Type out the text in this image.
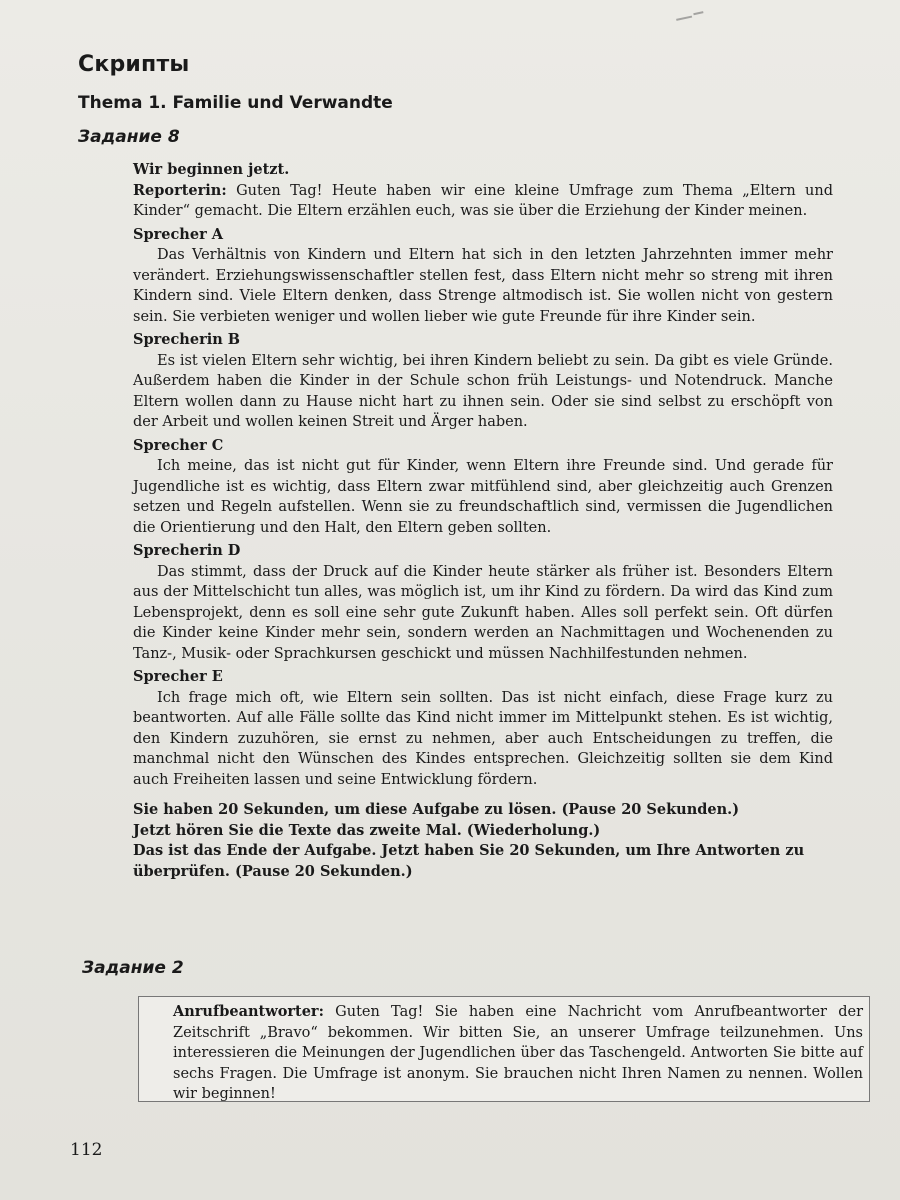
Скрипты
Thema 1. Familie und Verwandte
Задание 8

Wir beginnen jetzt.

Reporterin: Guten Tag! Heute haben wir eine kleine Umfrage zum Thema „Eltern und Kinder“ gemacht. Die Eltern erzählen euch, was sie über die Erziehung der Kinder meinen.

Sprecher A

Das Verhältnis von Kindern und Eltern hat sich in den letzten Jahrzehnten immer mehr verändert. Erziehungswissenschaftler stellen fest, dass Eltern nicht mehr so streng mit ihren Kindern sind. Viele Eltern denken, dass Strenge altmodisch ist. Sie wollen nicht von gestern sein. Sie verbieten weniger und wollen lieber wie gute Freunde für ihre Kinder sein.

Sprecherin B

Es ist vielen Eltern sehr wichtig, bei ihren Kindern beliebt zu sein. Da gibt es viele Gründe. Außerdem haben die Kinder in der Schule schon früh Leistungs- und Notendruck. Manche Eltern wollen dann zu Hause nicht hart zu ihnen sein. Oder sie sind selbst zu erschöpft von der Arbeit und wollen keinen Streit und Ärger haben.

Sprecher C

Ich meine, das ist nicht gut für Kinder, wenn Eltern ihre Freunde sind. Und gerade für Jugendliche ist es wichtig, dass Eltern zwar mitfühlend sind, aber gleichzeitig auch Grenzen setzen und Regeln aufstellen. Wenn sie zu freundschaftlich sind, vermissen die Jugendlichen die Orientierung und den Halt, den Eltern geben sollten.

Sprecherin D

Das stimmt, dass der Druck auf die Kinder heute stärker als früher ist. Besonders Eltern aus der Mittelschicht tun alles, was möglich ist, um ihr Kind zu fördern. Da wird das Kind zum Lebensprojekt, denn es soll eine sehr gute Zukunft haben. Alles soll perfekt sein. Oft dürfen die Kinder keine Kinder mehr sein, sondern werden an Nachmittagen und Wochenenden zu Tanz-, Musik- oder Sprachkursen geschickt und müssen Nachhilfestunden nehmen.

Sprecher E

Ich frage mich oft, wie Eltern sein sollten. Das ist nicht einfach, diese Frage kurz zu beantworten. Auf alle Fälle sollte das Kind nicht immer im Mittelpunkt stehen. Es ist wichtig, den Kindern zuzuhören, sie ernst zu nehmen, aber auch Entscheidungen zu treffen, die manchmal nicht den Wünschen des Kindes entsprechen. Gleichzeitig sollten sie dem Kind auch Freiheiten lassen und seine Entwicklung fördern.

Sie haben 20 Sekunden, um diese Aufgabe zu lösen. (Pause 20 Sekunden.)
Jetzt hören Sie die Texte das zweite Mal. (Wiederholung.)
Das ist das Ende der Aufgabe. Jetzt haben Sie 20 Sekunden, um Ihre Antworten zu überprüfen. (Pause 20 Sekunden.)

Задание 2

Anrufbeantworter: Guten Tag! Sie haben eine Nachricht vom Anrufbeantworter der Zeitschrift „Bravo“ bekommen. Wir bitten Sie, an unserer Umfrage teilzunehmen. Uns interessieren die Meinungen der Jugendlichen über das Taschengeld. Antworten Sie bitte auf sechs Fragen. Die Umfrage ist anonym. Sie brauchen nicht Ihren Namen zu nennen. Wollen wir beginnen!

112
